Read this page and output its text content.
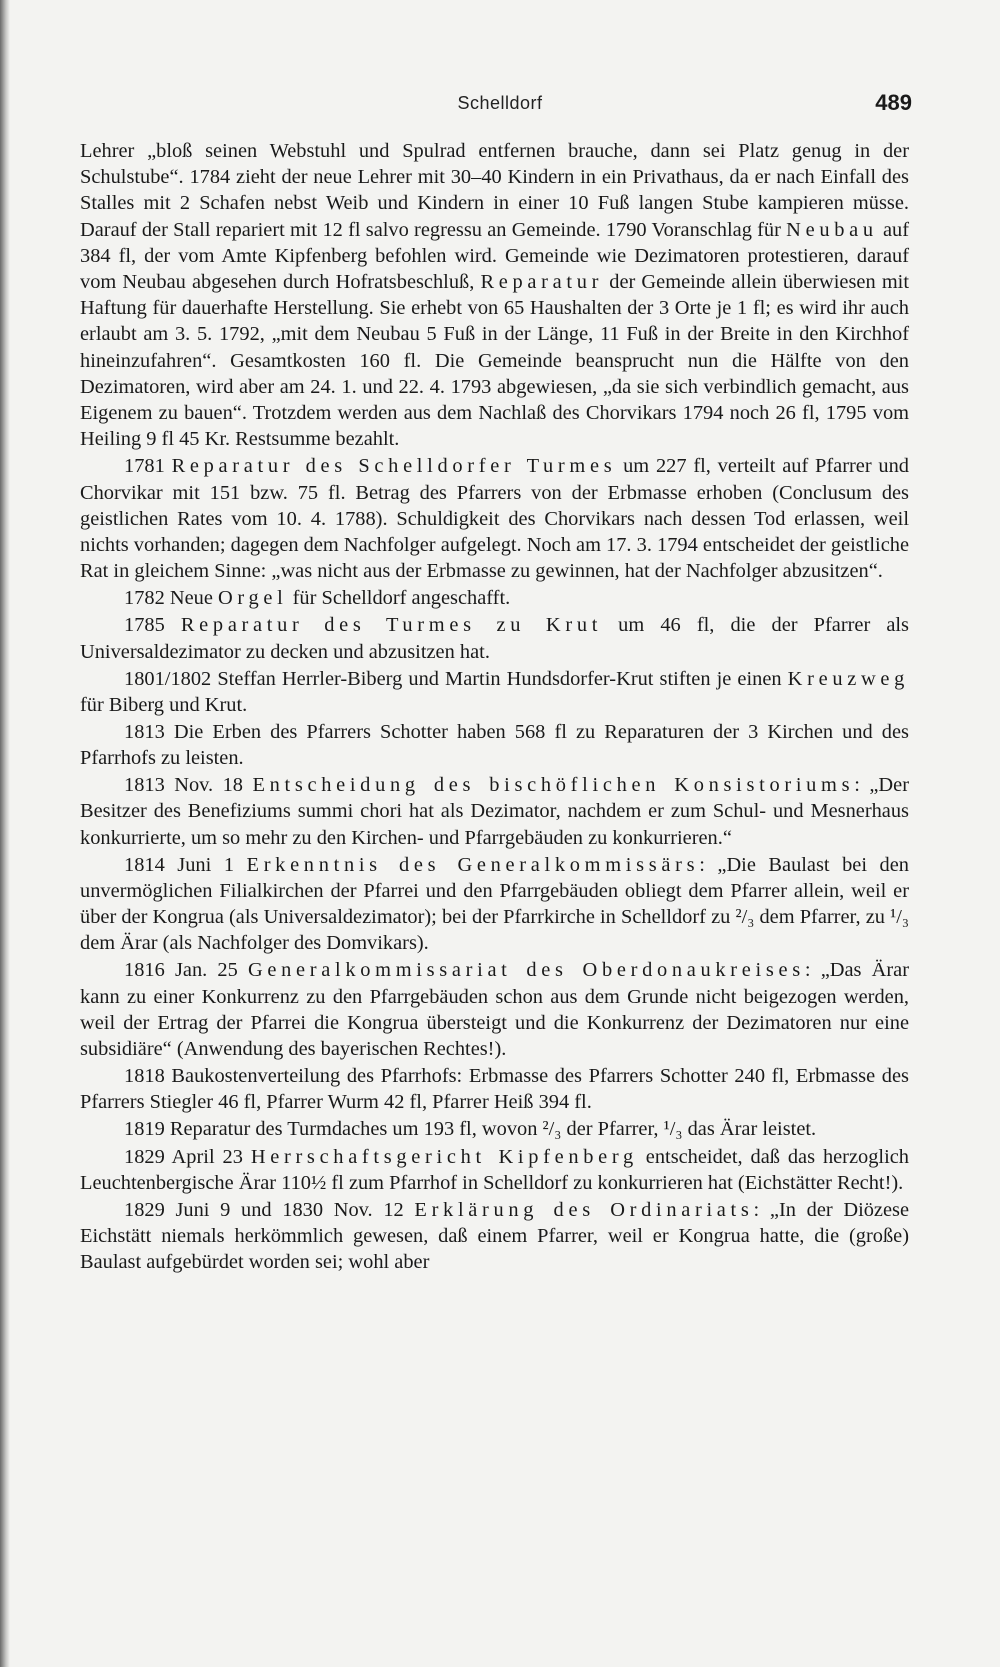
Schelldorf	489

Lehrer „bloß seinen Webstuhl und Spulrad entfernen brauche, dann sei Platz genug in der Schulstube“. 1784 zieht der neue Lehrer mit 30–40 Kindern in ein Privathaus, da er nach Einfall des Stalles mit 2 Schafen nebst Weib und Kindern in einer 10 Fuß langen Stube kampieren müsse. Darauf der Stall repariert mit 12 fl salvo regressu an Gemeinde. 1790 Voranschlag für Neubau auf 384 fl, der vom Amte Kipfenberg befohlen wird. Gemeinde wie Dezimatoren protestieren, darauf vom Neubau abgesehen durch Hofratsbeschluß, Reparatur der Gemeinde allein überwiesen mit Haftung für dauerhafte Herstellung. Sie erhebt von 65 Haushalten der 3 Orte je 1 fl; es wird ihr auch erlaubt am 3. 5. 1792, „mit dem Neubau 5 Fuß in der Länge, 11 Fuß in der Breite in den Kirchhof hineinzufahren“. Gesamtkosten 160 fl. Die Gemeinde beansprucht nun die Hälfte von den Dezimatoren, wird aber am 24. 1. und 22. 4. 1793 abgewiesen, „da sie sich verbindlich gemacht, aus Eigenem zu bauen“. Trotzdem werden aus dem Nachlaß des Chorvikars 1794 noch 26 fl, 1795 vom Heiling 9 fl 45 Kr. Restsumme bezahlt.

1781 Reparatur des Schelldorfer Turmes um 227 fl, verteilt auf Pfarrer und Chorvikar mit 151 bzw. 75 fl. Betrag des Pfarrers von der Erbmasse erhoben (Conclusum des geistlichen Rates vom 10. 4. 1788). Schuldigkeit des Chorvikars nach dessen Tod erlassen, weil nichts vorhanden; dagegen dem Nachfolger aufgelegt. Noch am 17. 3. 1794 entscheidet der geistliche Rat in gleichem Sinne: „was nicht aus der Erbmasse zu gewinnen, hat der Nachfolger abzusitzen“.

1782 Neue Orgel für Schelldorf angeschafft.

1785 Reparatur des Turmes zu Krut um 46 fl, die der Pfarrer als Universaldezimator zu decken und abzusitzen hat.

1801/1802 Steffan Herrler-Biberg und Martin Hundsdorfer-Krut stiften je einen Kreuzweg für Biberg und Krut.

1813 Die Erben des Pfarrers Schotter haben 568 fl zu Reparaturen der 3 Kirchen und des Pfarrhofs zu leisten.

1813 Nov. 18 Entscheidung des bischöflichen Konsistoriums: „Der Besitzer des Benefiziums summi chori hat als Dezimator, nachdem er zum Schul- und Mesnerhaus konkurrierte, um so mehr zu den Kirchen- und Pfarrgebäuden zu konkurrieren.“

1814 Juni 1 Erkenntnis des Generalkommissärs: „Die Baulast bei den unvermöglichen Filialkirchen der Pfarrei und den Pfarrgebäuden obliegt dem Pfarrer allein, weil er über der Kongrua (als Universaldezimator); bei der Pfarrkirche in Schelldorf zu ²/₃ dem Pfarrer, zu ¹/₃ dem Ärar (als Nachfolger des Domvikars).

1816 Jan. 25 Generalkommissariat des Oberdonaukreises: „Das Ärar kann zu einer Konkurrenz zu den Pfarrgebäuden schon aus dem Grunde nicht beigezogen werden, weil der Ertrag der Pfarrei die Kongrua übersteigt und die Konkurrenz der Dezimatoren nur eine subsidiäre“ (Anwendung des bayerischen Rechtes!).

1818 Baukostenverteilung des Pfarrhofs: Erbmasse des Pfarrers Schotter 240 fl, Erbmasse des Pfarrers Stiegler 46 fl, Pfarrer Wurm 42 fl, Pfarrer Heiß 394 fl.

1819 Reparatur des Turmdaches um 193 fl, wovon ²/₃ der Pfarrer, ¹/₃ das Ärar leistet.

1829 April 23 Herrschaftsgericht Kipfenberg entscheidet, daß das herzoglich Leuchtenbergische Ärar 110½ fl zum Pfarrhof in Schelldorf zu konkurrieren hat (Eichstätter Recht!).

1829 Juni 9 und 1830 Nov. 12 Erklärung des Ordinariats: „In der Diözese Eichstätt niemals herkömmlich gewesen, daß einem Pfarrer, weil er Kongrua hatte, die (große) Baulast aufgebürdet worden sei; wohl aber
